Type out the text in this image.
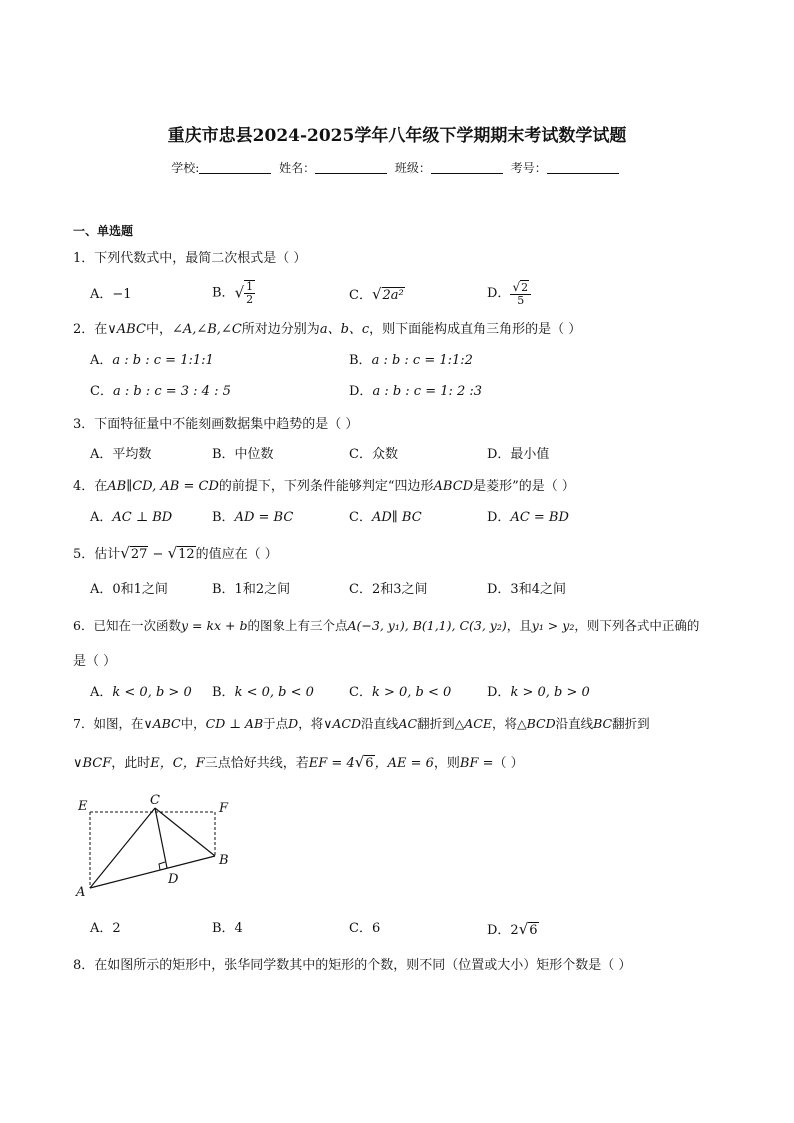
重庆市忠县2024-2025学年八年级下学期期末考试数学试题
学校:	姓名：	班级：	考号：
一、单选题
1．下列代数式中，最简二次根式是（ ）
A．−1	B．√ $\frac{1}{2}$	C．√2a²	D． $\frac{√2}{5}$
2．在∨ABC中，∠A,∠B,∠C所对边分别为a、b、c，则下面能构成直角三角形的是（ ）
A．a : b : c = 1:1:1	B．a : b : c = 1:1:2
C．a : b : c = 3 : 4 : 5	D．a : b : c = 1: 2 :3
3．下面特征量中不能刻画数据集中趋势的是（ ）
A．平均数	B．中位数	C．众数	D．最小值
4．在AB∥CD, AB = CD的前提下，下列条件能够判定“四边形ABCD是菱形”的是（ ）
A．AC ⊥ BD	B．AD = BC	C．AD∥ BC	D．AC = BD
5．估计√27 − √12的值应在（ ）
A．0和1之间	B．1和2之间	C．2和3之间	D．3和4之间
6．已知在一次函数y = kx + b的图象上有三个点A(−3, y₁), B(1,1), C(3, y₂)，且y₁ > y₂，则下列各式中正确的
是（ ）
A．k < 0, b > 0 B．k < 0, b < 0	C．k > 0, b < 0	D．k > 0, b > 0
7．如图，在∨ABC中，CD ⊥ AB于点D，将∨ACD沿直线AC翻折到△ACE，将△BCD沿直线BC翻折到
∨BCF，此时E，C，F三点恰好共线，若EF = 4√6，AE = 6，则BF =（ ）
E	C
F
B
D
A
A．2	B．4	C．6	D．2√6
8．在如图所示的矩形中，张华同学数其中的矩形的个数，则不同（位置或大小）矩形个数是（ ）
